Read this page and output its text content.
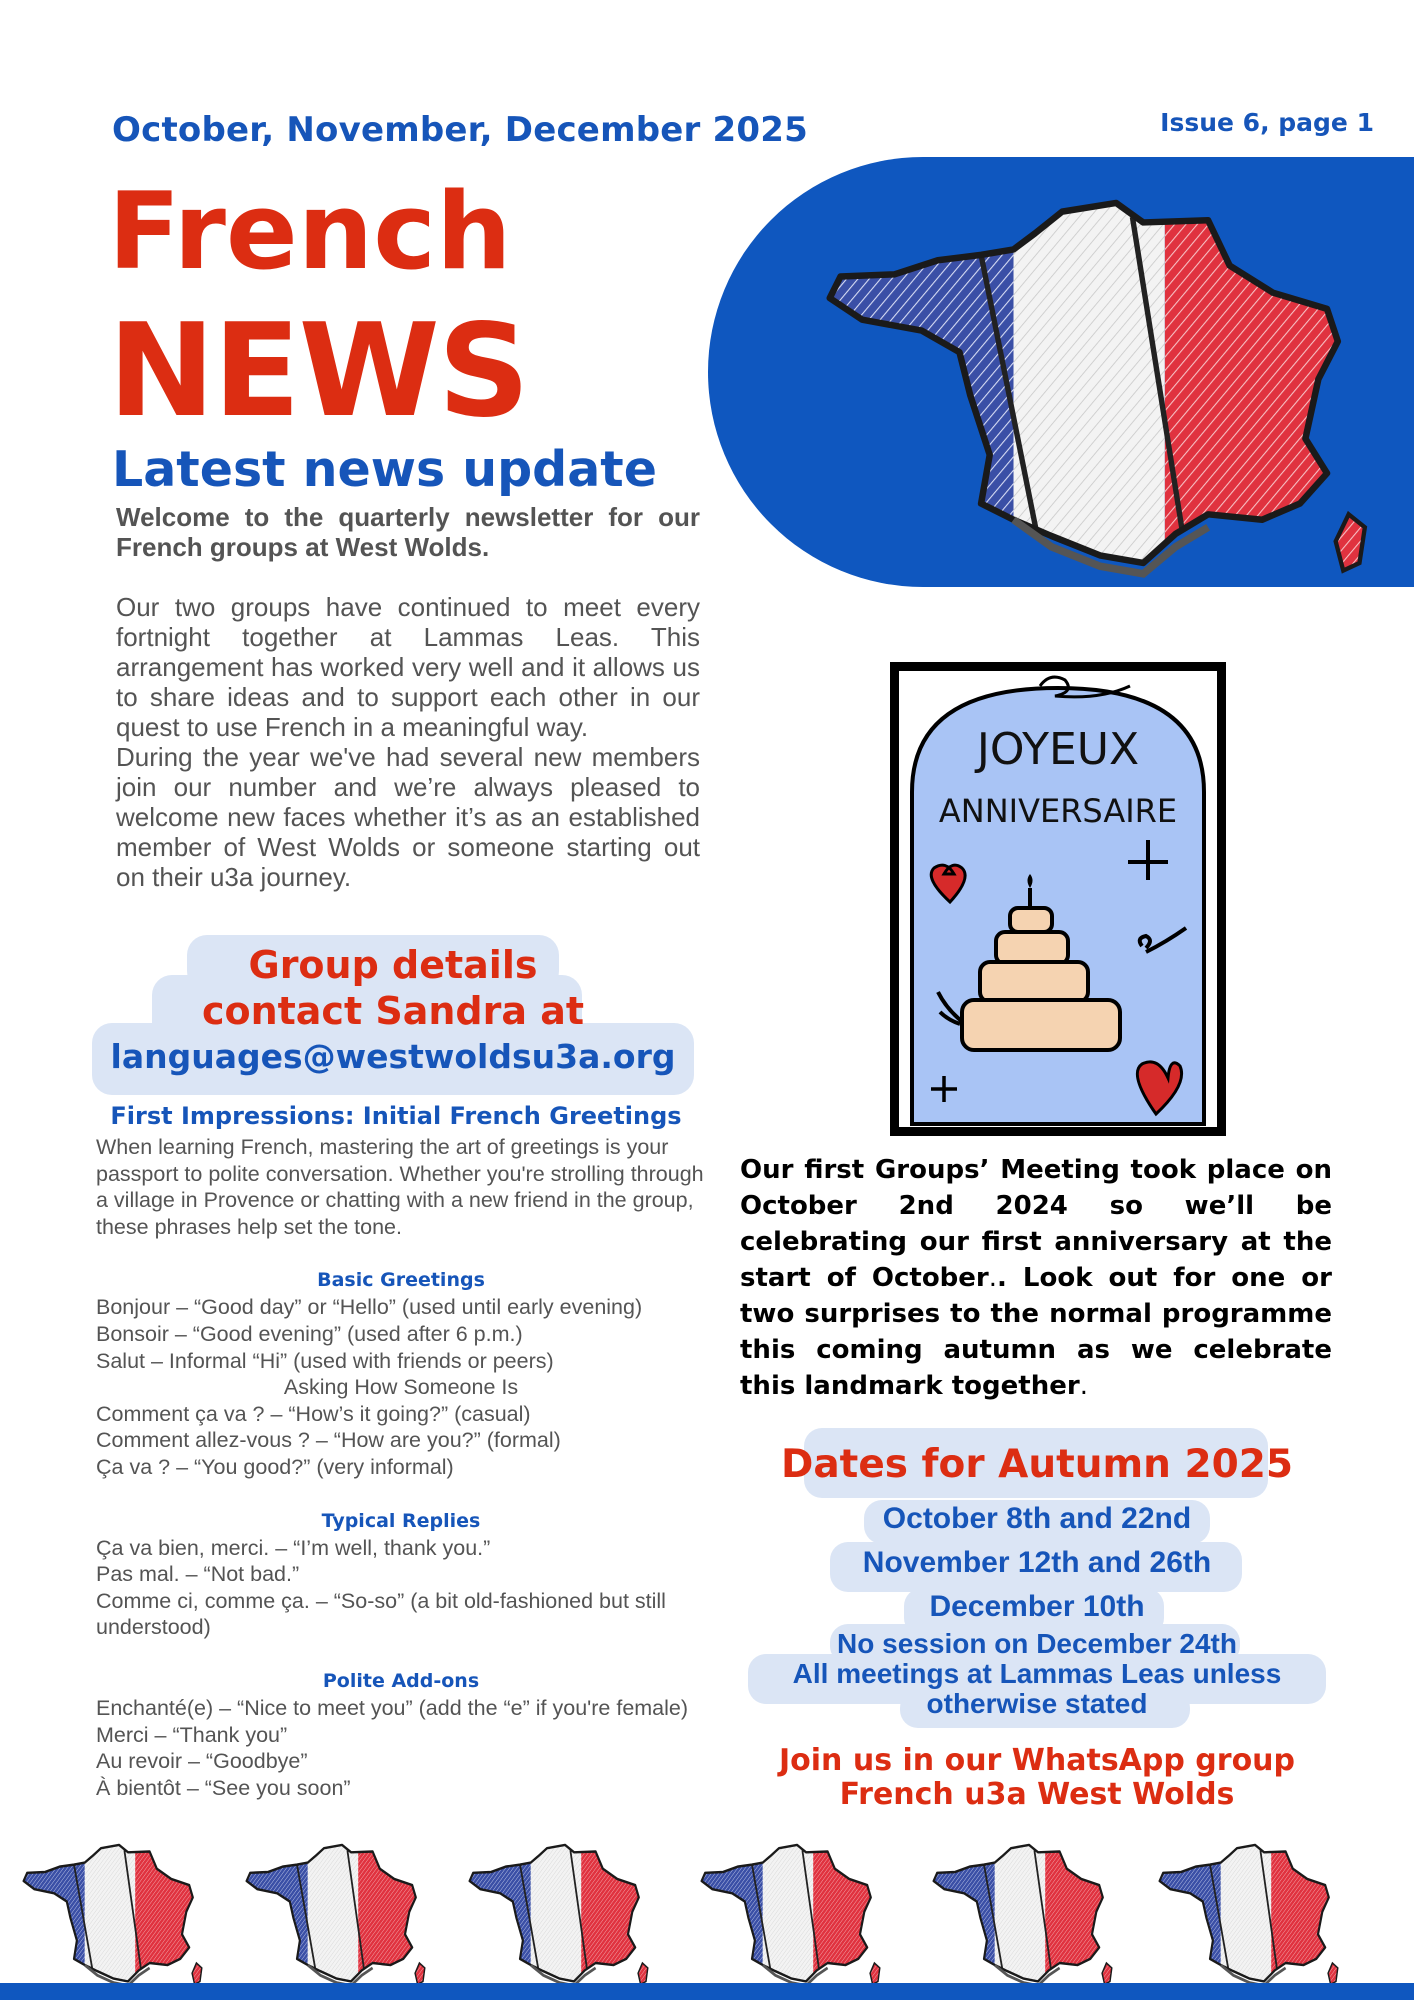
October, November, December 2025	Issue 6, page 1
French
NEWS
Latest news update

Welcome to the quarterly newsletter for our French groups at West Wolds.

Our two groups have continued to meet every fortnight together at Lammas Leas. This arrangement has worked very well and it allows us to share ideas and to support each other in our quest to use French in a meaningful way.

During the year we've had several new members join our number and we’re always pleased to welcome new faces whether it’s as an established member of West Wolds or someone starting out on their u3a journey.

Group details
contact Sandra at
languages@westwoldsu3a.org
First Impressions: Initial French Greetings

When learning French, mastering the art of greetings is your passport to polite conversation. Whether you're strolling through a village in Provence or chatting with a new friend in the group, these phrases help set the tone.

Basic Greetings
Bonjour – “Good day” or “Hello” (used until early evening)
Bonsoir – “Good evening” (used after 6 p.m.)
Salut – Informal “Hi” (used with friends or peers)
Asking How Someone Is
Comment ça va ? – “How’s it going?” (casual)
Comment allez-vous ? – “How are you?” (formal)
Ça va ? – “You good?” (very informal)
Typical Replies
Ça va bien, merci. – “I’m well, thank you.”
Pas mal. – “Not bad.”
Comme ci, comme ça. – “So-so” (a bit old-fashioned but still understood)
Polite Add-ons
Enchanté(e) – “Nice to meet you” (add the “e” if you're female)
Merci – “Thank you”
Au revoir – “Goodbye”
À bientôt – “See you soon”
JOYEUX
ANNIVERSAIRE
Our first Groups’ Meeting took place on October 2nd 2024 so we’ll be celebrating our first anniversary at the start of October.. Look out for one or two surprises to the normal programme this coming autumn as we celebrate this landmark together.
Dates for Autumn 2025
October 8th and 22nd
November 12th and 26th
December 10th
No session on December 24th
All meetings at Lammas Leas unless
otherwise stated
Join us in our WhatsApp group
French u3a West Wolds
